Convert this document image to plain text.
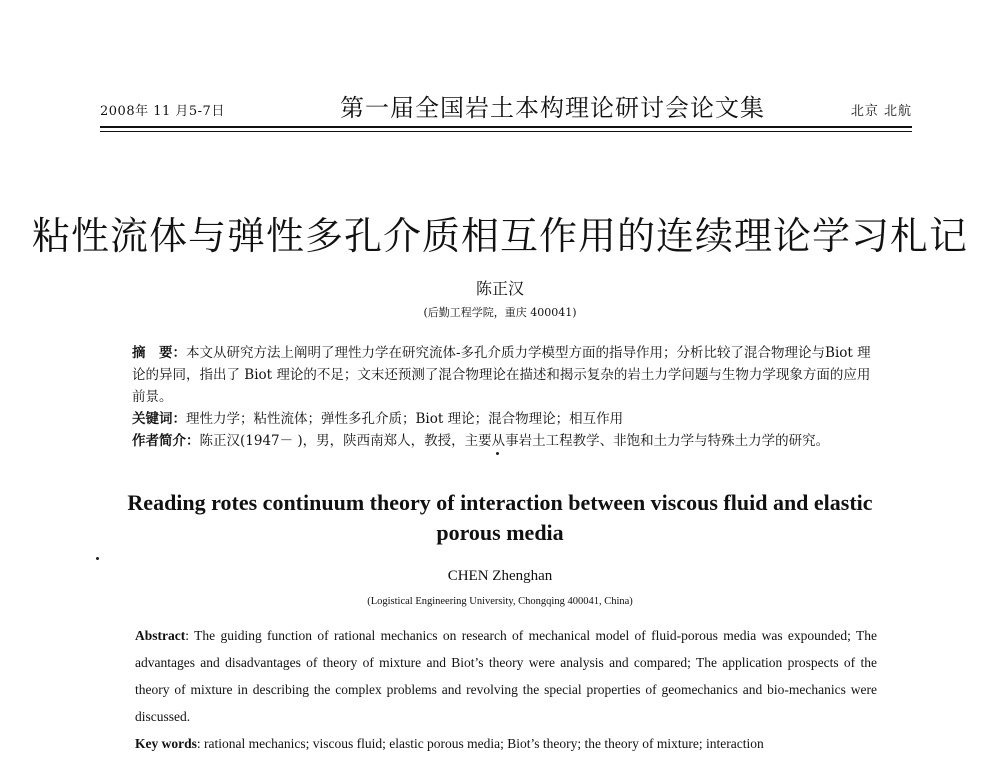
2008年 11 月5-7日	第一届全国岩土本构理论研讨会论文集	北京 北航
粘性流体与弹性多孔介质相互作用的连续理论学习札记
陈正汉
(后勤工程学院，重庆 400041)

摘　要：本文从研究方法上阐明了理性力学在研究流体-多孔介质力学模型方面的指导作用；分析比较了混合物理论与Biot 理论的异同，指出了 Biot 理论的不足；文末还预测了混合物理论在描述和揭示复杂的岩土力学问题与生物力学现象方面的应用前景。

关键词：理性力学；粘性流体；弹性多孔介质；Biot 理论；混合物理论；相互作用

作者简介：陈正汉(1947－ )，男，陕西南郑人，教授，主要从事岩土工程教学、非饱和土力学与特殊土力学的研究。

Reading rotes continuum theory of interaction between viscous fluid and elastic porous media
CHEN Zhenghan
(Logistical Engineering University, Chongqing 400041, China)

Abstract: The guiding function of rational mechanics on research of mechanical model of fluid-porous media was expounded; The advantages and disadvantages of theory of mixture and Biot’s theory were analysis and compared; The application prospects of the theory of mixture in describing the complex problems and revolving the special properties of geomechanics and bio-mechanics were discussed.

Key words: rational mechanics; viscous fluid; elastic porous media; Biot’s theory; the theory of mixture; interaction
